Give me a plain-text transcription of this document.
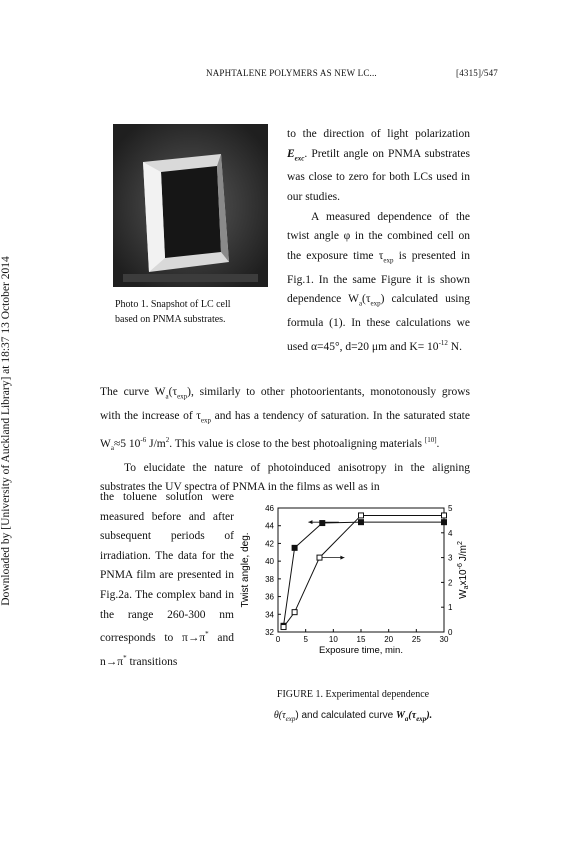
NAPHTALENE POLYMERS AS NEW LC...	[4315]/547
Downloaded by [University of Auckland Library] at 18:37 13 October 2014	Photo 1. Snapshot of LC cell
based on PNMA substrates.

to the direction of light polarization $E_{exc}$. Pretilt angle on PNMA substrates was close to zero for both LCs used in our studies.

A measured dependence of the twist angle φ in the combined cell on the exposure time $\tau_{exp}$ is presented in Fig.1. In the same Figure it is shown dependence $W_a(\tau_{exp})$ calculated using formula (1). In these calculations we used α=45°, d=20 μm and $K= 10^{-12}$ N.

The curve $W_a(\tau_{exp})$, similarly to other photoorientants, monotonously grows with the increase of $\tau_{exp}$ and has a tendency of saturation. In the saturated state $W_a\approx 5$ $10^{-6}$ $J/m^2$. This value is close to the best photoaligning materials [10].

To elucidate the nature of photoinduced anisotropy in the aligning substrates the UV spectra of PNMA in the films as well as in

the toluene solution were measured before and after subsequent periods of irradiation. The data for the PNMA film are presented in Fig.2a. The complex band in the range 260-300 nm corresponds to π→π* and n→π* transitions

0	5	10 15 20 25 30
32
34
36
38
40
42
44
46
0
1
2
3
4
5
Exposure time, min.
Twist angle, deg.	$W_ax10^{-6}J/m^2$
FIGURE 1. Experimental dependence
$\theta(\tau_{exp})$ and calculated curve $W_a(\tau_{exp})$.
